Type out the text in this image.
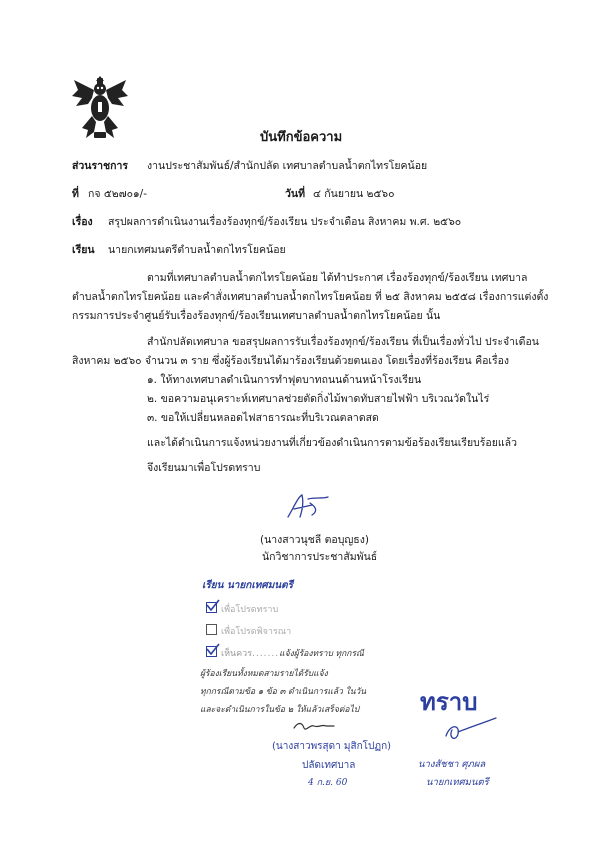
บันทึกข้อความ
ส่วนราชการ งานประชาสัมพันธ์/สำนักปลัด เทศบาลตำบลน้ำตกไทรโยคน้อย
ที่ กจ ๕๒๗๐๑/-	วันที่ ๔ กันยายน ๒๕๖๐
เรื่อง สรุปผลการดำเนินงานเรื่องร้องทุกข์/ร้องเรียน ประจำเดือน สิงหาคม พ.ศ. ๒๕๖๐
เรียน นายกเทศมนตรีตำบลน้ำตกไทรโยคน้อย
ตามที่เทศบาลตำบลน้ำตกไทรโยคน้อย ได้ทำประกาศ เรื่องร้องทุกข์/ร้องเรียน เทศบาล
ตำบลน้ำตกไทรโยคน้อย และคำสั่งเทศบาลตำบลน้ำตกไทรโยคน้อย ที่ ๒๕ สิงหาคม ๒๕๕๘ เรื่องการแต่งตั้ง
กรรมการประจำศูนย์รับเรื่องร้องทุกข์/ร้องเรียนเทศบาลตำบลน้ำตกไทรโยคน้อย นั้น
สำนักปลัดเทศบาล ขอสรุปผลการรับเรื่องร้องทุกข์/ร้องเรียน ที่เป็นเรื่องทั่วไป ประจำเดือน
สิงหาคม ๒๕๖๐ จำนวน ๓ ราย ซึ่งผู้ร้องเรียนได้มาร้องเรียนด้วยตนเอง โดยเรื่องที่ร้องเรียน คือเรื่อง
๑. ให้ทางเทศบาลดำเนินการทำฟุตบาทถนนด้านหน้าโรงเรียน
๒. ขอความอนุเคราะห์เทศบาลช่วยตัดกิ่งไม้พาดทับสายไฟฟ้า บริเวณวัดในไร่
๓. ขอให้เปลี่ยนหลอดไฟสาธารณะที่บริเวณตลาดสด
และได้ดำเนินการแจ้งหน่วยงานที่เกี่ยวข้องดำเนินการตามข้อร้องเรียนเรียบร้อยแล้ว
จึงเรียนมาเพื่อโปรดทราบ
(นางสาวนุชลี ตอบุญธง)
นักวิชาการประชาสัมพันธ์
เรียน นายกเทศมนตรี
เพื่อโปรดทราบ
เพื่อโปรดพิจารณา
เห็นควร.......แจ้งผู้ร้องทราบ ทุกกรณี
ผู้ร้องเรียนทั้งหมดสามรายได้รับแจ้ง
ทุกกรณีตามข้อ ๑ ข้อ ๓ ดำเนินการแล้ว ในวัน
และจะดำเนินการในข้อ ๒ ให้แล้วเสร็จต่อไป	ทราบ
(นางสาวพรสุดา มุสิกโปฏก)
ปลัดเทศบาล
4 ก.ย. 60
นางสัชชา ศุภผล
นายกเทศมนตรี
